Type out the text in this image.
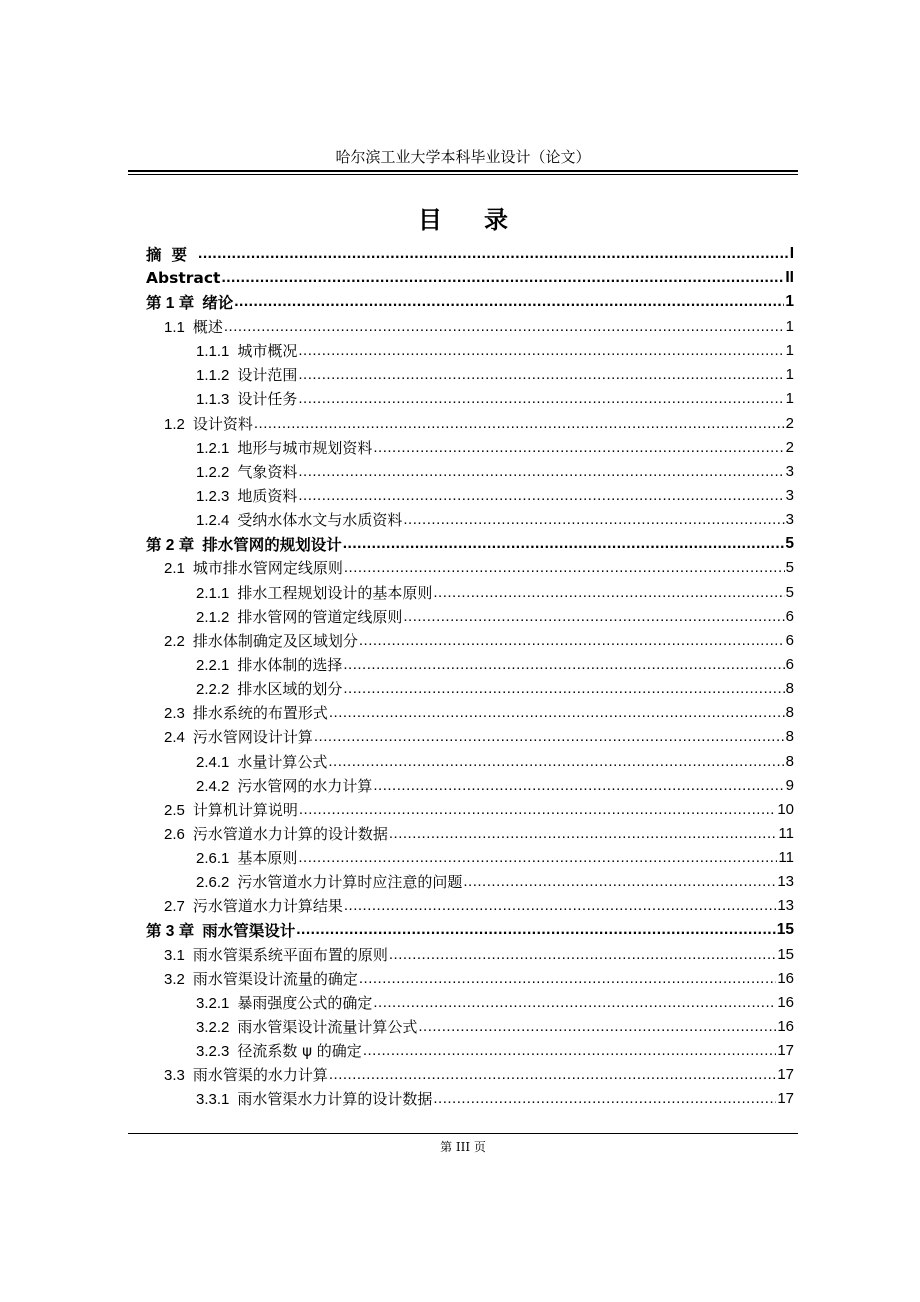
哈尔滨工业大学本科毕业设计（论文）
目录
摘要 .....	I
Abstract .....	II
第 1 章 绪论 .....	1
1.1 概述 .....	1
1.1.1 城市概况 .....	1
1.1.2 设计范围 .....	1
1.1.3 设计任务 .....	1
1.2 设计资料 .....	2
1.2.1 地形与城市规划资料 .....	2
1.2.2 气象资料 .....	3
1.2.3 地质资料 .....	3
1.2.4 受纳水体水文与水质资料 .....	3
第 2 章 排水管网的规划设计 .....	5
2.1 城市排水管网定线原则 .....	5
2.1.1 排水工程规划设计的基本原则 .....	5
2.1.2 排水管网的管道定线原则 .....	6
2.2 排水体制确定及区域划分 .....	6
2.2.1 排水体制的选择 .....	6
2.2.2 排水区域的划分 .....	8
2.3 排水系统的布置形式 .....	8
2.4 污水管网设计计算 .....	8
2.4.1 水量计算公式 .....	8
2.4.2 污水管网的水力计算 .....	9
2.5 计算机计算说明 .....	10
2.6 污水管道水力计算的设计数据 .....	11
2.6.1 基本原则 .....	11
2.6.2 污水管道水力计算时应注意的问题 .....	13
2.7 污水管道水力计算结果 .....	13
第 3 章 雨水管渠设计 .....	15
3.1 雨水管渠系统平面布置的原则 .....	15
3.2 雨水管渠设计流量的确定 .....	16
3.2.1 暴雨强度公式的确定 .....	16
3.2.2 雨水管渠设计流量计算公式 .....	16
3.2.3 径流系数 ψ 的确定 .....	17
3.3 雨水管渠的水力计算 .....	17
3.3.1 雨水管渠水力计算的设计数据 .....	17
第 III 页
